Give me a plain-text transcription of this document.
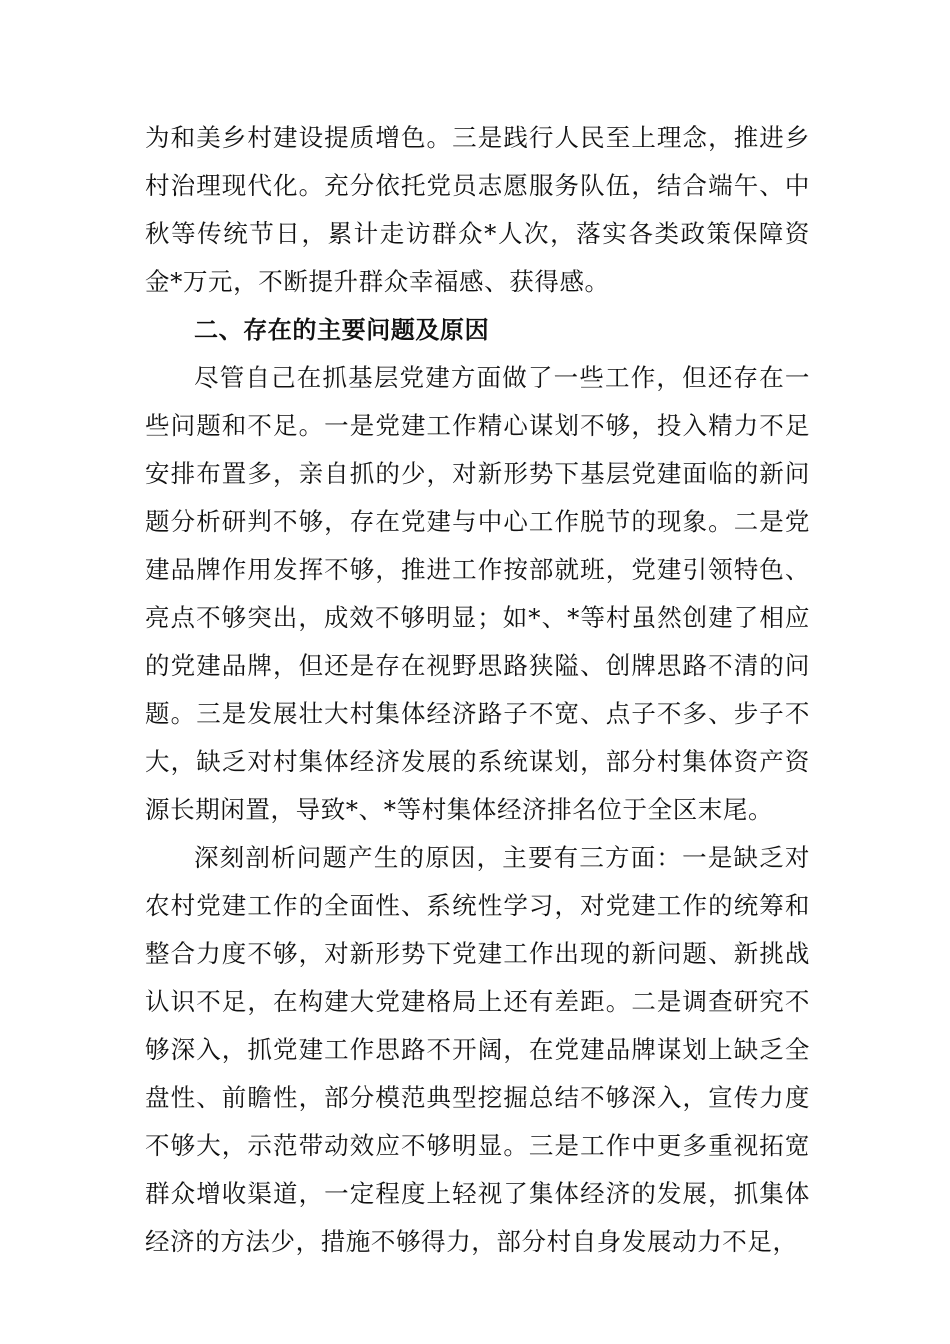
为和美乡村建设提质增色。三是践行人民至上理念，推进乡村治理现代化。充分依托党员志愿服务队伍，结合端午、中秋等传统节日，累计走访群众*人次，落实各类政策保障资金*万元，不断提升群众幸福感、获得感。

二、存在的主要问题及原因

尽管自己在抓基层党建方面做了一些工作，但还存在一些问题和不足。一是党建工作精心谋划不够，投入精力不足安排布置多，亲自抓的少，对新形势下基层党建面临的新问题分析研判不够，存在党建与中心工作脱节的现象。二是党建品牌作用发挥不够，推进工作按部就班，党建引领特色、亮点不够突出，成效不够明显；如*、*等村虽然创建了相应的党建品牌，但还是存在视野思路狭隘、创牌思路不清的问题。三是发展壮大村集体经济路子不宽、点子不多、步子不大，缺乏对村集体经济发展的系统谋划，部分村集体资产资源长期闲置，导致*、*等村集体经济排名位于全区末尾。

深刻剖析问题产生的原因，主要有三方面：一是缺乏对农村党建工作的全面性、系统性学习，对党建工作的统筹和整合力度不够，对新形势下党建工作出现的新问题、新挑战认识不足，在构建大党建格局上还有差距。二是调查研究不够深入，抓党建工作思路不开阔，在党建品牌谋划上缺乏全盘性、前瞻性，部分模范典型挖掘总结不够深入，宣传力度不够大，示范带动效应不够明显。三是工作中更多重视拓宽群众增收渠道，一定程度上轻视了集体经济的发展，抓集体经济的方法少，措施不够得力，部分村自身发展动力不足，
